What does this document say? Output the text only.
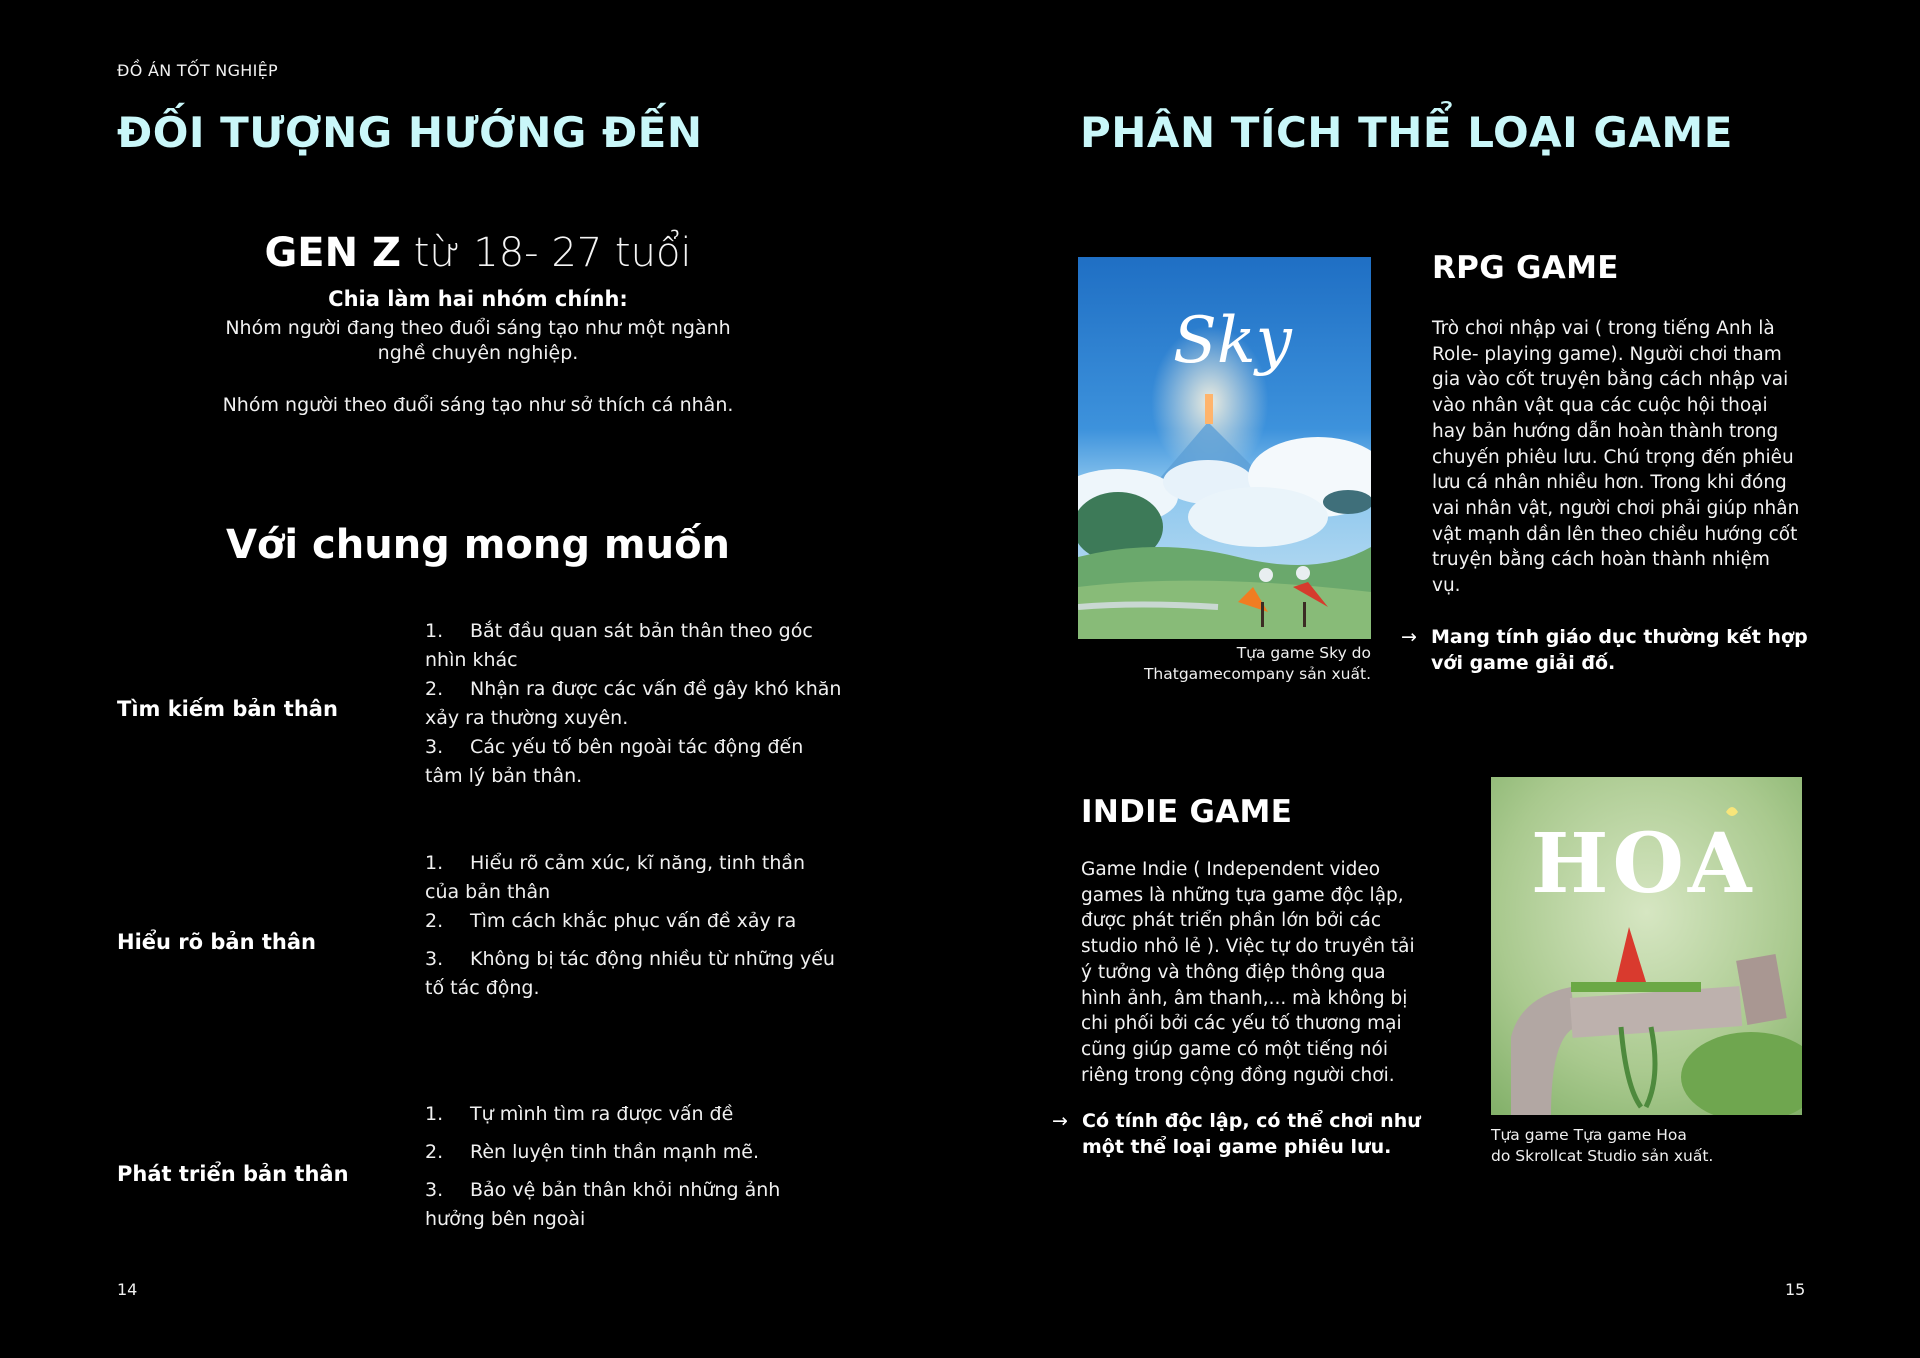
ĐỒ ÁN TỐT NGHIỆP
ĐỐI TƯỢNG HƯỚNG ĐẾN
GEN Z từ 18- 27 tuổi
Chia làm hai nhóm chính:
Nhóm người đang theo đuổi sáng tạo như một ngành
nghề chuyên nghiệp.
Nhóm người theo đuổi sáng tạo như sở thích cá nhân.
Với chung mong muốn
Tìm kiếm bản thân
1. Bắt đầu quan sát bản thân theo góc nhìn khác
2. Nhận ra được các vấn đề gây khó khăn xảy ra thường xuyên.
3. Các yếu tố bên ngoài tác động đến tâm lý bản thân.
Hiểu rõ bản thân
1. Hiểu rõ cảm xúc, kĩ năng, tinh thần của bản thân
2. Tìm cách khắc phục vấn đề xảy ra
3. Không bị tác động nhiều từ những yếu tố tác động.
Phát triển bản thân
1. Tự mình tìm ra được vấn đề
2. Rèn luyện tinh thần mạnh mẽ.
3. Bảo vệ bản thân khỏi những ảnh hưởng bên ngoài
14
PHÂN TÍCH THỂ LOẠI GAME
Sky
Tựa game Sky do
Thatgamecompany sản xuất.
RPG GAME

Trò chơi nhập vai ( trong tiếng Anh là Role- playing game). Người chơi tham gia vào cốt truyện bằng cách nhập vai vào nhân vật qua các cuộc hội thoại hay bản hướng dẫn hoàn thành trong chuyến phiêu lưu. Chú trọng đến phiêu lưu cá nhân nhiều hơn. Trong khi đóng vai nhân vật, người chơi phải giúp nhân vật mạnh dần lên theo chiều hướng cốt truyện bằng cách hoàn thành nhiệm vụ.

→ Mang tính giáo dục thường kết hợp với game giải đố.
INDIE GAME

Game Indie ( Independent video games là những tựa game độc lập, được phát triển phần lớn bởi các studio nhỏ lẻ ). Việc tự do truyền tải ý tưởng và thông điệp thông qua hình ảnh, âm thanh,... mà không bị chi phối bởi các yếu tố thương mại cũng giúp game có một tiếng nói riêng trong cộng đồng người chơi.

→ Có tính độc lập, có thể chơi như một thể loại game phiêu lưu.
HOA
Tựa game Tựa game Hoa
do Skrollcat Studio sản xuất.
15
